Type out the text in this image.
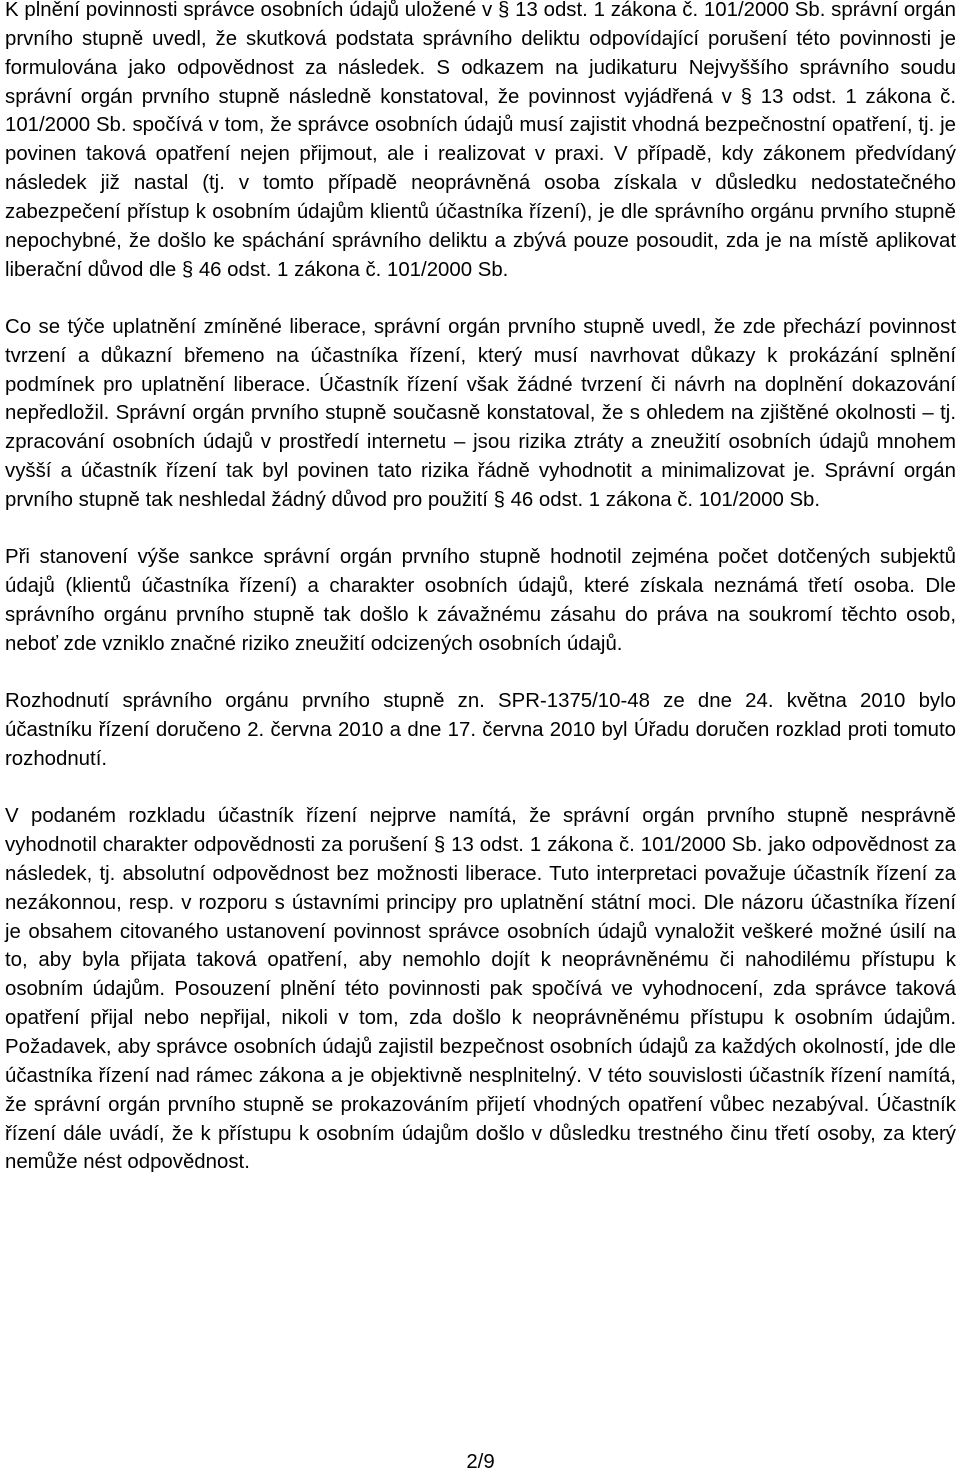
K plnění povinnosti správce osobních údajů uložené v § 13 odst. 1 zákona č. 101/2000 Sb. správní orgán prvního stupně uvedl, že skutková podstata správního deliktu odpovídající porušení této povinnosti je formulována jako odpovědnost za následek. S odkazem na judikaturu Nejvyššího správního soudu správní orgán prvního stupně následně konstatoval, že povinnost vyjádřená v § 13 odst. 1 zákona č. 101/2000 Sb. spočívá v tom, že správce osobních údajů musí zajistit vhodná bezpečnostní opatření, tj. je povinen taková opatření nejen přijmout, ale i realizovat v praxi. V případě, kdy zákonem předvídaný následek již nastal (tj. v tomto případě neoprávněná osoba získala v důsledku nedostatečného zabezpečení přístup k osobním údajům klientů účastníka řízení), je dle správního orgánu prvního stupně nepochybné, že došlo ke spáchání správního deliktu a zbývá pouze posoudit, zda je na místě aplikovat liberační důvod dle § 46 odst. 1 zákona č. 101/2000 Sb.

Co se týče uplatnění zmíněné liberace, správní orgán prvního stupně uvedl, že zde přechází povinnost tvrzení a důkazní břemeno na účastníka řízení, který musí navrhovat důkazy k prokázání splnění podmínek pro uplatnění liberace. Účastník řízení však žádné tvrzení či návrh na doplnění dokazování nepředložil. Správní orgán prvního stupně současně konstatoval, že s ohledem na zjištěné okolnosti – tj. zpracování osobních údajů v prostředí internetu – jsou rizika ztráty a zneužití osobních údajů mnohem vyšší a účastník řízení tak byl povinen tato rizika řádně vyhodnotit a minimalizovat je. Správní orgán prvního stupně tak neshledal žádný důvod pro použití § 46 odst. 1 zákona č. 101/2000 Sb.

Při stanovení výše sankce správní orgán prvního stupně hodnotil zejména počet dotčených subjektů údajů (klientů účastníka řízení) a charakter osobních údajů, které získala neznámá třetí osoba. Dle správního orgánu prvního stupně tak došlo k závažnému zásahu do práva na soukromí těchto osob, neboť zde vzniklo značné riziko zneužití odcizených osobních údajů.

Rozhodnutí správního orgánu prvního stupně zn. SPR-1375/10-48 ze dne 24. května 2010 bylo účastníku řízení doručeno 2. června 2010 a dne 17. června 2010 byl Úřadu doručen rozklad proti tomuto rozhodnutí.

V podaném rozkladu účastník řízení nejprve namítá, že správní orgán prvního stupně nesprávně vyhodnotil charakter odpovědnosti za porušení § 13 odst. 1 zákona č. 101/2000 Sb. jako odpovědnost za následek, tj. absolutní odpovědnost bez možnosti liberace. Tuto interpretaci považuje účastník řízení za nezákonnou, resp. v rozporu s ústavními principy pro uplatnění státní moci. Dle názoru účastníka řízení je obsahem citovaného ustanovení povinnost správce osobních údajů vynaložit veškeré možné úsilí na to, aby byla přijata taková opatření, aby nemohlo dojít k neoprávněnému či nahodilému přístupu k osobním údajům. Posouzení plnění této povinnosti pak spočívá ve vyhodnocení, zda správce taková opatření přijal nebo nepřijal, nikoli v tom, zda došlo k neoprávněnému přístupu k osobním údajům. Požadavek, aby správce osobních údajů zajistil bezpečnost osobních údajů za každých okolností, jde dle účastníka řízení nad rámec zákona a je objektivně nesplnitelný. V této souvislosti účastník řízení namítá, že správní orgán prvního stupně se prokazováním přijetí vhodných opatření vůbec nezabýval. Účastník řízení dále uvádí, že k přístupu k osobním údajům došlo v důsledku trestného činu třetí osoby, za který nemůže nést odpovědnost.

2/9
